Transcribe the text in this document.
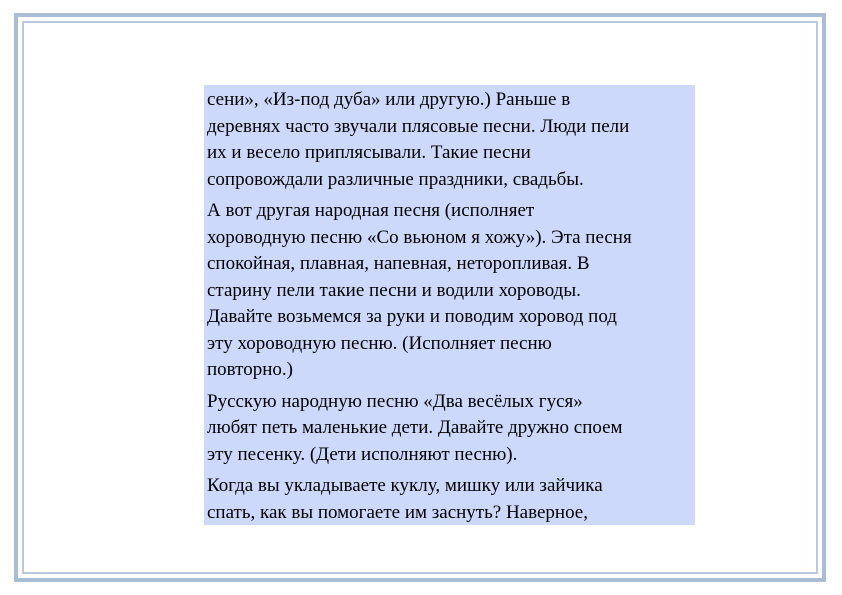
сени», «Из-под дуба» или другую.) Раньше в
деревнях часто звучали плясовые песни. Люди пели
их и весело приплясывали. Такие песни
сопровождали различные праздники, свадьбы.

А вот другая народная песня (исполняет
хороводную песню «Со вьюном я хожу»). Эта песня
спокойная, плавная, напевная, неторопливая. В
старину пели такие песни и водили хороводы.
Давайте возьмемся за руки и поводим хоровод под
эту хороводную песню. (Исполняет песню
повторно.)

Русскую народную песню «Два весёлых гуся»
любят петь маленькие дети. Давайте дружно споем
эту песенку. (Дети исполняют песню).

Когда вы укладываете куклу, мишку или зайчика
спать, как вы помогаете им заснуть? Наверное,
